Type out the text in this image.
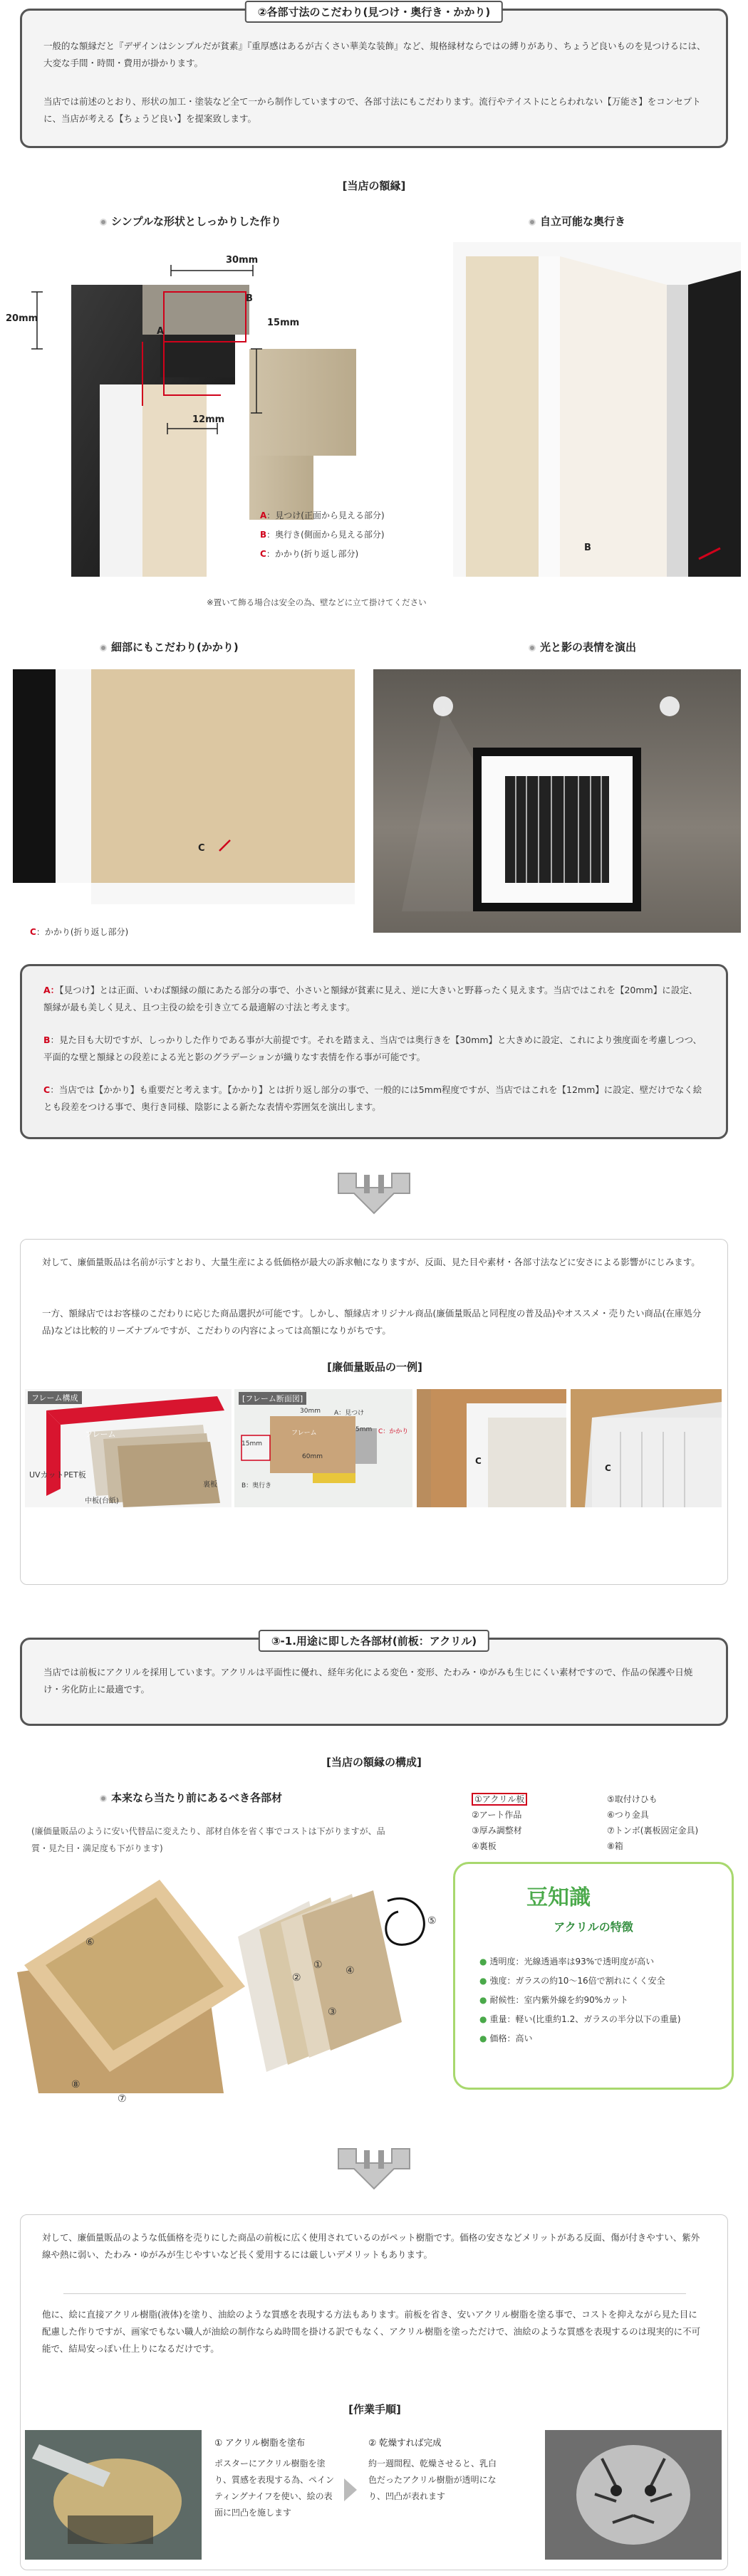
②各部寸法のこだわり(見つけ・奥行き・かかり)

一般的な額縁だと『デザインはシンプルだが貧素』『重厚感はあるが古くさい華美な装飾』など、規格縁材ならではの縛りがあり、ちょうど良いものを見つけるには、大変な手間・時間・費用が掛かります。

当店では前述のとおり、形状の加工・塗装など全て一から制作していますので、各部寸法にもこだわります。流行やテイストにとらわれない【万能さ】をコンセプトに、当店が考える【ちょうど良い】を提案致します。

[当店の額縁]
シンプルな形状としっかりした作り
30mm
20mm	15mm
12mm
A
B
C
A：見つけ(正面から見える部分)
B：奥行き(側面から見える部分)
C：かかり(折り返し部分)
自立可能な奥行き
B
※置いて飾る場合は安全の為、壁などに立て掛けてください
細部にもこだわり(かかり)	光と影の表情を演出
C
C：かかり(折り返し部分)

A：【見つけ】とは正面、いわば額縁の顔にあたる部分の事で、小さいと額縁が貧素に見え、逆に大きいと野暮ったく見えます。当店ではこれを【20mm】に設定、額縁が最も美しく見え、且つ主役の絵を引き立てる最適解の寸法と考えます。

B：見た目も大切ですが、しっかりした作りである事が大前提です。それを踏まえ、当店では奥行きを【30mm】と大きめに設定、これにより強度面を考慮しつつ、平面的な壁と額縁との段差による光と影のグラデーションが織りなす表情を作る事が可能です。

C：当店では【かかり】も重要だと考えます。【かかり】とは折り返し部分の事で、一般的には5mm程度ですが、当店ではこれを【12mm】に設定、壁だけでなく絵とも段差をつける事で、奥行き同様、陰影による新たな表情や雰囲気を演出します。

対して、廉価量販品は名前が示すとおり、大量生産による低価格が最大の訴求軸になりますが、反面、見た目や素材・各部寸法などに安さによる影響がにじみます。

一方、額縁店ではお客様のこだわりに応じた商品選択が可能です。しかし、額縁店オリジナル商品(廉価量販品と同程度の普及品)やオススメ・売りたい商品(在庫処分品)などは比較的リーズナブルですが、こだわりの内容によっては高額になりがちです。

[廉価量販品の一例]
フレーム構成
フレーム
UVカットPET板
中板(台紙)
裏板
[フレーム断面図]
30mm A：見つけ
5mm C：かかり
15mm
フレーム
B：奥行き
60mm	C
C
③-1.用途に即した各部材(前板：アクリル)

当店では前板にアクリルを採用しています。アクリルは平面性に優れ、経年劣化による変色・変形、たわみ・ゆがみも生じにくい素材ですので、作品の保護や日焼け・劣化防止に最適です。

[当店の額縁の構成]
本来なら当たり前にあるべき各部材

(廉価量販品のように安い代替品に変えたり、部材自体を省く事でコストは下がりますが、品質・見た目・満足度も下がります)

①アクリル板
②アート作品
③厚み調整材
④裏板
⑤取付けひも
⑥つり金具
⑦トンボ(裏板固定金具)
⑧箱
①
②
③
④
⑤
⑥
⑦
⑧
豆知識
アクリルの特徴
● 透明度：光線透過率は93%で透明度が高い
● 強度：ガラスの約10～16倍で割れにくく安全
● 耐候性：室内紫外線を約90%カット
● 重量：軽い(比重約1.2、ガラスの半分以下の重量)
● 価格：高い

対して、廉価量販品のような低価格を売りにした商品の前板に広く使用されているのがペット樹脂です。価格の安さなどメリットがある反面、傷が付きやすい、紫外線や熱に弱い、たわみ・ゆがみが生じやすいなど長く愛用するには厳しいデメリットもあります。

他に、絵に直接アクリル樹脂(液体)を塗り、油絵のような質感を表現する方法もあります。前板を省き、安いアクリル樹脂を塗る事で、コストを抑えながら見た目に配慮した作りですが、画家でもない職人が油絵の制作ならぬ時間を掛ける訳でもなく、アクリル樹脂を塗っただけで、油絵のような質感を表現するのは現実的に不可能で、結局安っぽい仕上りになるだけです。

[作業手順]
① アクリル樹脂を塗布

ポスターにアクリル樹脂を塗り、質感を表現する為、ペインティングナイフを使い、絵の表面に凹凸を施します

② 乾燥すれば完成

約一週間程、乾燥させると、乳白色だったアクリル樹脂が透明になり、凹凸が表れます
